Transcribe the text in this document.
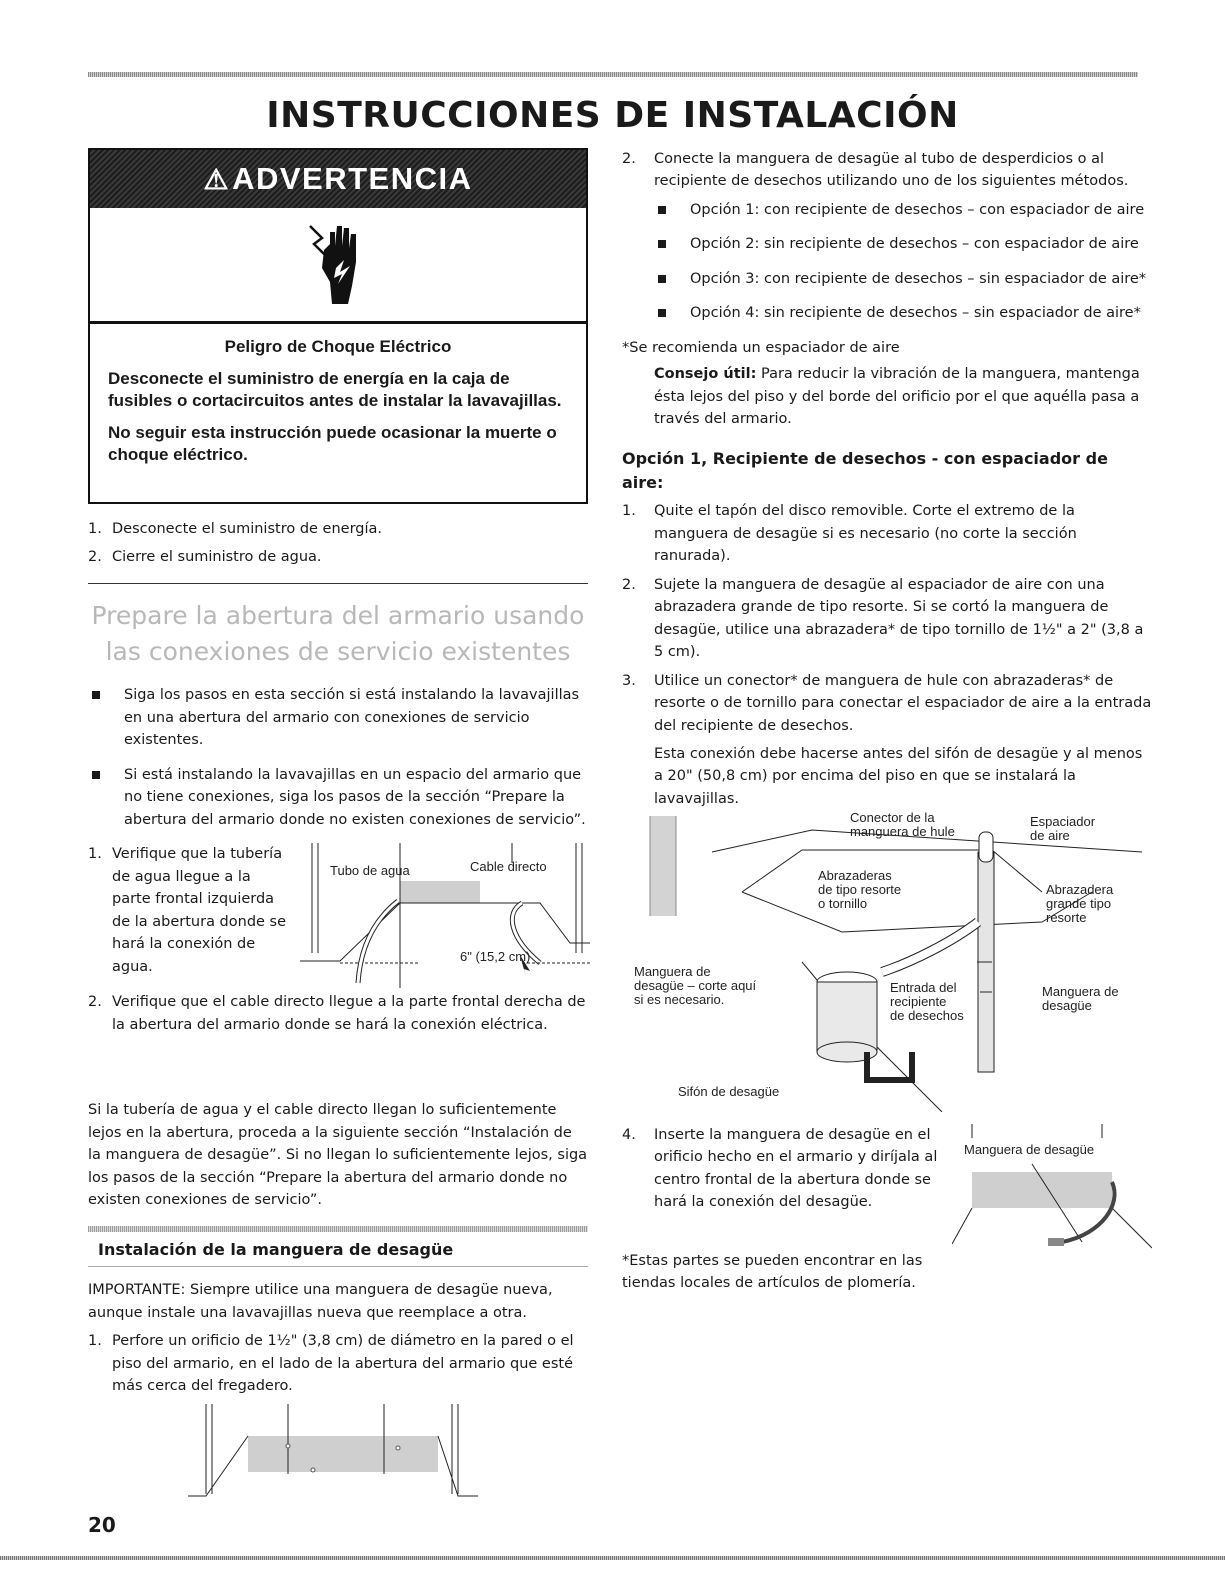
INSTRUCCIONES DE INSTALACIÓN
⚠ADVERTENCIA
Peligro de Choque Eléctrico
Desconecte el suministro de energía en la caja de fusibles o cortacircuitos antes de instalar la lavavajillas.
No seguir esta instrucción puede ocasionar la muerte o choque eléctrico.
1. Desconecte el suministro de energía.
2. Cierre el suministro de agua.
Prepare la abertura del armario usando las conexiones de servicio existentes
Siga los pasos en esta sección si está instalando la lavavajillas en una abertura del armario con conexiones de servicio existentes.
Si está instalando la lavavajillas en un espacio del armario que no tiene conexiones, siga los pasos de la sección “Prepare la abertura del armario donde no existen conexiones de servicio”.
1. Verifique que la tubería de agua llegue a la parte frontal izquierda de la abertura donde se hará la conexión de agua.
Tubo de agua	Cable directo
6" (15,2 cm)
2. Verifique que el cable directo llegue a la parte frontal derecha de la abertura del armario donde se hará la conexión eléctrica.

Si la tubería de agua y el cable directo llegan lo suficientemente lejos en la abertura, proceda a la siguiente sección “Instalación de la manguera de desagüe”. Si no llegan lo suficientemente lejos, siga los pasos de la sección “Prepare la abertura del armario donde no existen conexiones de servicio”.

Instalación de la manguera de desagüe

IMPORTANTE: Siempre utilice una manguera de desagüe nueva, aunque instale una lavavajillas nueva que reemplace a otra.

1. Perfore un orificio de 1½" (3,8 cm) de diámetro en la pared o el piso del armario, en el lado de la abertura del armario que esté más cerca del fregadero.
2. Conecte la manguera de desagüe al tubo de desperdicios o al recipiente de desechos utilizando uno de los siguientes métodos.
Opción 1: con recipiente de desechos – con espaciador de aire
Opción 2: sin recipiente de desechos – con espaciador de aire
Opción 3: con recipiente de desechos – sin espaciador de aire*
Opción 4: sin recipiente de desechos – sin espaciador de aire*

*Se recomienda un espaciador de aire

Consejo útil: Para reducir la vibración de la manguera, mantenga ésta lejos del piso y del borde del orificio por el que aquélla pasa a través del armario.

Opción 1, Recipiente de desechos - con espaciador de aire:
1. Quite el tapón del disco removible. Corte el extremo de la manguera de desagüe si es necesario (no corte la sección ranurada).
2. Sujete la manguera de desagüe al espaciador de aire con una abrazadera grande de tipo resorte. Si se cortó la manguera de desagüe, utilice una abrazadera* de tipo tornillo de 1½" a 2" (3,8 a 5 cm).
3. Utilice un conector* de manguera de hule con abrazaderas* de resorte o de tornillo para conectar el espaciador de aire a la entrada del recipiente de desechos.

Esta conexión debe hacerse antes del sifón de desagüe y al menos a 20" (50,8 cm) por encima del piso en que se instalará la lavavajillas.

Conector de la
manguera de hule
Espaciador
de aire
Abrazaderas
de tipo resorte
o tornillo
Abrazadera
grande tipo
resorte
Manguera de
desagüe – corte aquí
si es necesario.
Entrada del
recipiente
de desechos
Manguera de
desagüe
Sifón de desagüe
4. Inserte la manguera de desagüe en el orificio hecho en el armario y diríjala al centro frontal de la abertura donde se hará la conexión del desagüe.

*Estas partes se pueden encontrar en las tiendas locales de artículos de plomería.

Manguera de desagüe
20
